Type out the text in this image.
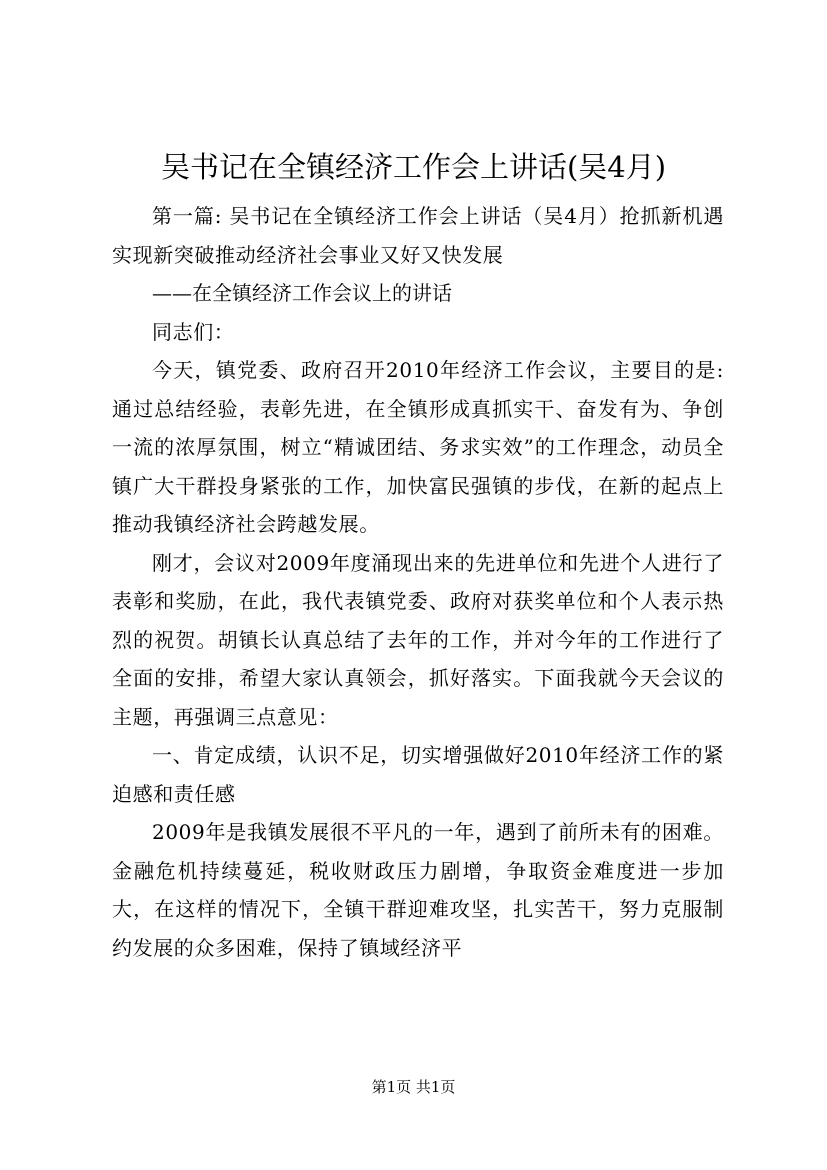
吴书记在全镇经济工作会上讲话(吴4月)

第一篇: 吴书记在全镇经济工作会上讲话（吴4月）抢抓新机遇实现新突破推动经济社会事业又好又快发展

——在全镇经济工作会议上的讲话

同志们：

今天，镇党委、政府召开2010年经济工作会议，主要目的是: 通过总结经验，表彰先进，在全镇形成真抓实干、奋发有为、争创一流的浓厚氛围，树立“精诚团结、务求实效”的工作理念，动员全镇广大干群投身紧张的工作，加快富民强镇的步伐，在新的起点上推动我镇经济社会跨越发展。

刚才，会议对2009年度涌现出来的先进单位和先进个人进行了表彰和奖励，在此，我代表镇党委、政府对获奖单位和个人表示热烈的祝贺。胡镇长认真总结了去年的工作，并对今年的工作进行了全面的安排，希望大家认真领会，抓好落实。下面我就今天会议的主题，再强调三点意见：

一、肯定成绩，认识不足，切实增强做好2010年经济工作的紧迫感和责任感

2009年是我镇发展很不平凡的一年，遇到了前所未有的困难。金融危机持续蔓延，税收财政压力剧增，争取资金难度进一步加大，在这样的情况下，全镇干群迎难攻坚，扎实苦干，努力克服制约发展的众多困难，保持了镇域经济平

第1页 共1页
